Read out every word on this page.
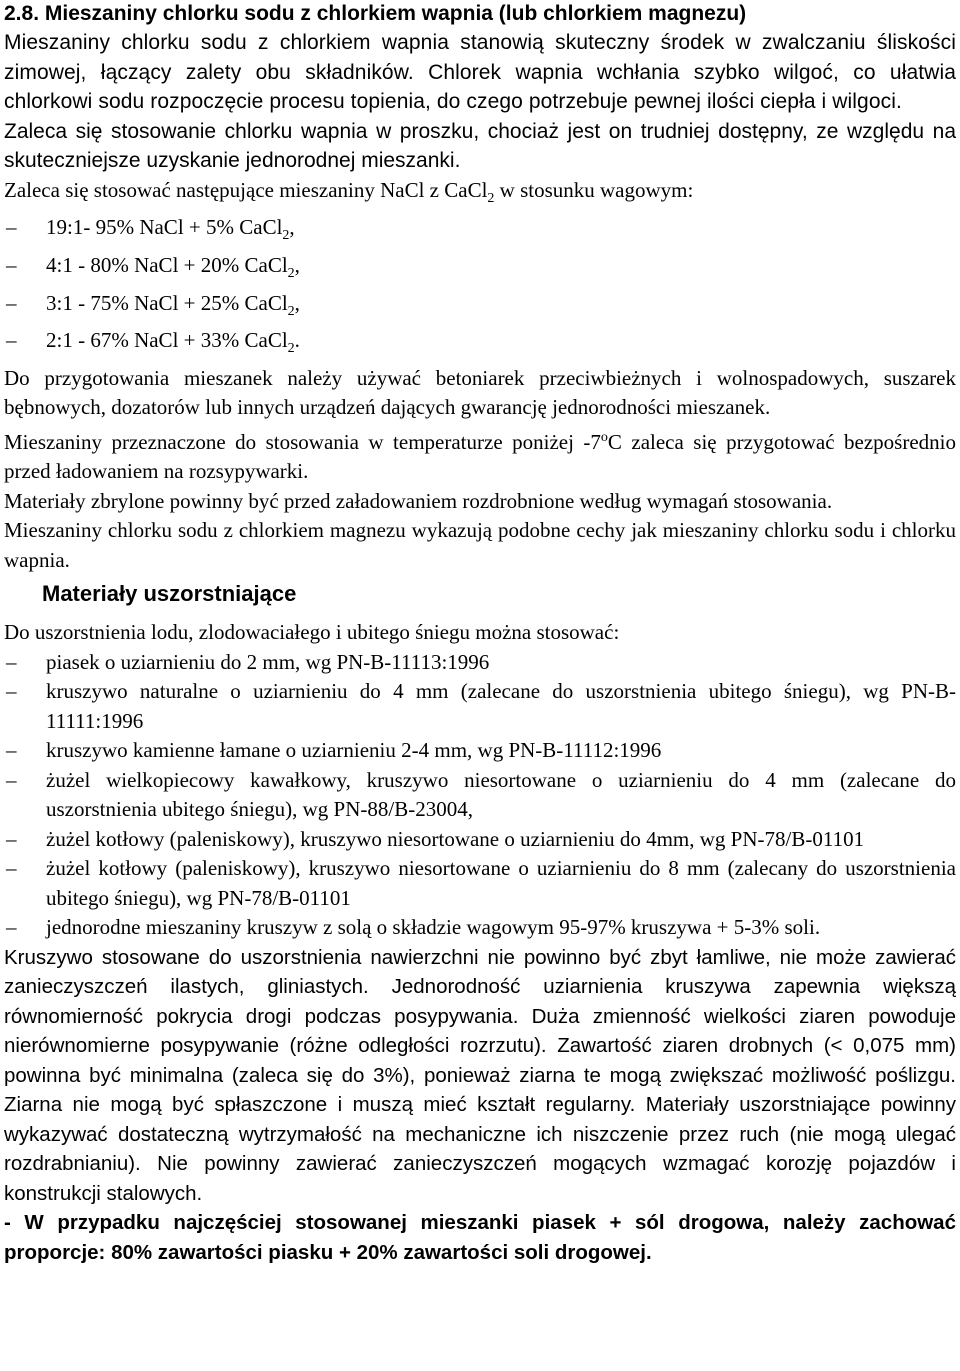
2.8. Mieszaniny chlorku sodu z chlorkiem wapnia (lub chlorkiem magnezu)

Mieszaniny chlorku sodu z chlorkiem wapnia stanowią skuteczny środek w zwalczaniu śliskości zimowej, łączący zalety obu składników. Chlorek wapnia wchłania szybko wilgoć, co ułatwia chlorkowi sodu rozpoczęcie procesu topienia, do czego potrzebuje pewnej ilości ciepła i wilgoci.

Zaleca się stosowanie chlorku wapnia w proszku, chociaż jest on trudniej dostępny, ze względu na skuteczniejsze uzyskanie jednorodnej mieszanki.

Zaleca się stosować następujące mieszaniny NaCl z CaCl$_2$ w stosunku wagowym:

– 19:1- 95% NaCl + 5% CaCl$_2$,
– 4:1 - 80% NaCl + 20% CaCl$_2$,
– 3:1 - 75% NaCl + 25% CaCl$_2$,
– 2:1 - 67% NaCl + 33% CaCl$_2$.

Do przygotowania mieszanek należy używać betoniarek przeciwbieżnych i wolnospadowych, suszarek bębnowych, dozatorów lub innych urządzeń dających gwarancję jednorodności mieszanek.

Mieszaniny przeznaczone do stosowania w temperaturze poniżej -7$^o$C zaleca się przygotować bezpośrednio przed ładowaniem na rozsypywarki.

Materiały zbrylone powinny być przed załadowaniem rozdrobnione według wymagań stosowania.

Mieszaniny chlorku sodu z chlorkiem magnezu wykazują podobne cechy jak mieszaniny chlorku sodu i chlorku wapnia.

Materiały uszorstniające

Do uszorstnienia lodu, zlodowaciałego i ubitego śniegu można stosować:

– piasek o uziarnieniu do 2 mm, wg PN-B-11113:1996
– kruszywo naturalne o uziarnieniu do 4 mm (zalecane do uszorstnienia ubitego śniegu), wg PN-B-11111:1996
– kruszywo kamienne łamane o uziarnieniu 2-4 mm, wg PN-B-11112:1996
– żużel wielkopiecowy kawałkowy, kruszywo niesortowane o uziarnieniu do 4 mm (zalecane do uszorstnienia ubitego śniegu), wg PN-88/B-23004,
– żużel kotłowy (paleniskowy), kruszywo niesortowane o uziarnieniu do 4mm, wg PN-78/B-01101
– żużel kotłowy (paleniskowy), kruszywo niesortowane o uziarnieniu do 8 mm (zalecany do uszorstnienia ubitego śniegu), wg PN-78/B-01101
– jednorodne mieszaniny kruszyw z solą o składzie wagowym 95-97% kruszywa + 5-3% soli.

Kruszywo stosowane do uszorstnienia nawierzchni nie powinno być zbyt łamliwe, nie może zawierać zanieczyszczeń ilastych, gliniastych. Jednorodność uziarnienia kruszywa zapewnia większą równomierność pokrycia drogi podczas posypywania. Duża zmienność wielkości ziaren powoduje nierównomierne posypywanie (różne odległości rozrzutu). Zawartość ziaren drobnych (< 0,075 mm) powinna być minimalna (zaleca się do 3%), ponieważ ziarna te mogą zwiększać możliwość poślizgu. Ziarna nie mogą być spłaszczone i muszą mieć kształt regularny. Materiały uszorstniające powinny wykazywać dostateczną wytrzymałość na mechaniczne ich niszczenie przez ruch (nie mogą ulegać rozdrabnianiu). Nie powinny zawierać zanieczyszczeń mogących wzmagać korozję pojazdów i konstrukcji stalowych.

- W przypadku najczęściej stosowanej mieszanki piasek + sól drogowa, należy zachować proporcje: 80% zawartości piasku + 20% zawartości soli drogowej.
